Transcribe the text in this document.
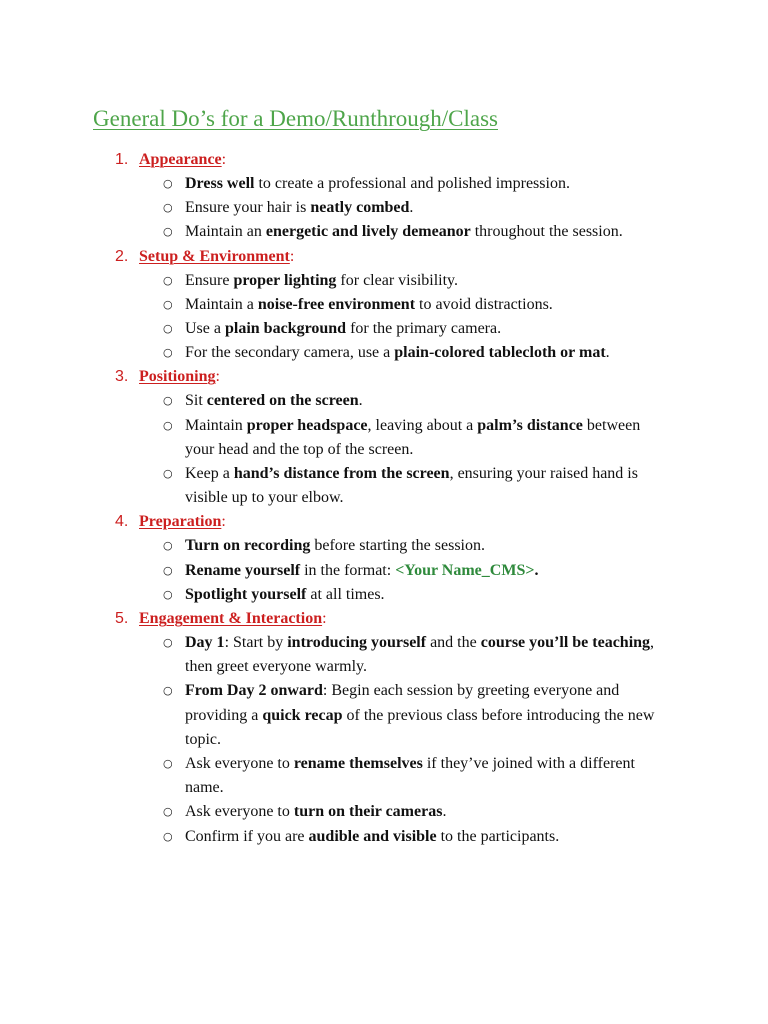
General Do’s for a Demo/Runthrough/Class
1. Appearance:
○ Dress well to create a professional and polished impression.
○ Ensure your hair is neatly combed.
○ Maintain an energetic and lively demeanor throughout the session.
2. Setup & Environment:
○ Ensure proper lighting for clear visibility.
○ Maintain a noise-free environment to avoid distractions.
○ Use a plain background for the primary camera.
○ For the secondary camera, use a plain-colored tablecloth or mat.
3. Positioning:
○ Sit centered on the screen.
○ Maintain proper headspace, leaving about a palm’s distance between your head and the top of the screen.
○ Keep a hand’s distance from the screen, ensuring your raised hand is visible up to your elbow.
4. Preparation:
○ Turn on recording before starting the session.
○ Rename yourself in the format: <Your Name_CMS>.
○ Spotlight yourself at all times.
5. Engagement & Interaction:
○ Day 1: Start by introducing yourself and the course you’ll be teaching, then greet everyone warmly.
○ From Day 2 onward: Begin each session by greeting everyone and providing a quick recap of the previous class before introducing the new topic.
○ Ask everyone to rename themselves if they’ve joined with a different name.
○ Ask everyone to turn on their cameras.
○ Confirm if you are audible and visible to the participants.
